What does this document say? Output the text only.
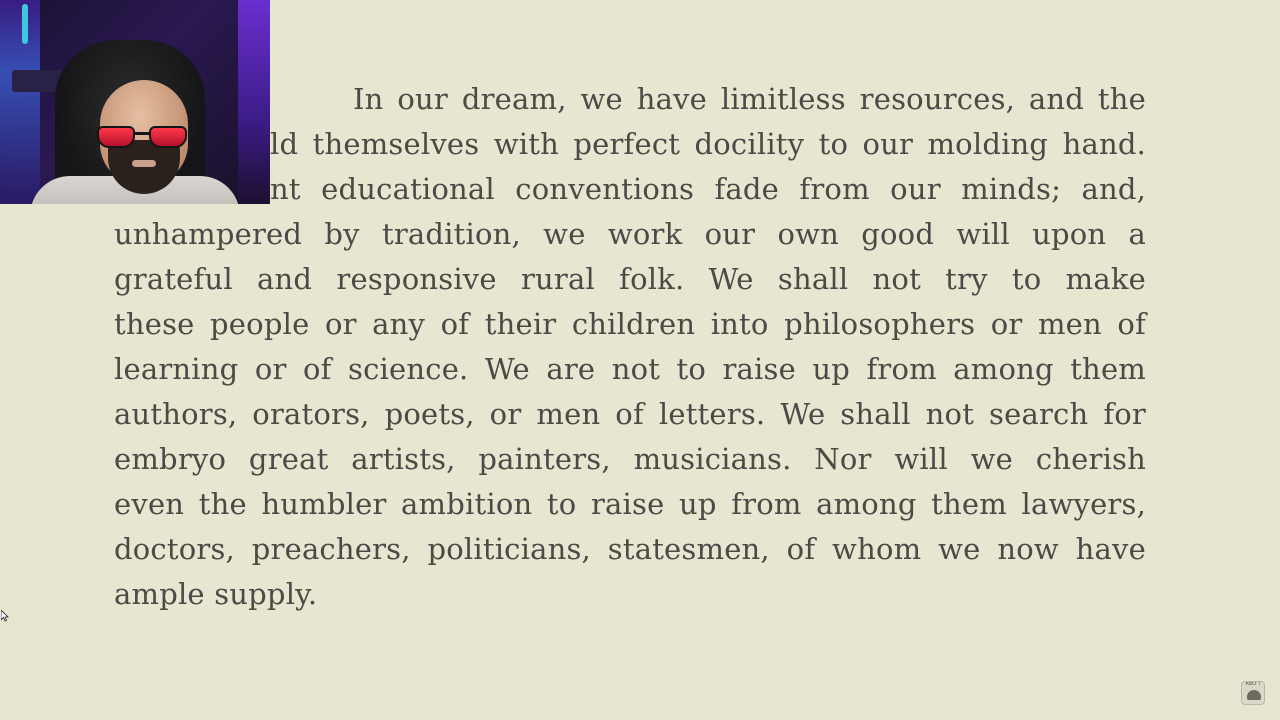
In our dream, we have limitless resources, and the
ld themselves with perfect docility to our molding hand.
nt educational conventions fade from our minds; and,
unhampered by tradition, we work our own good will upon a
grateful and responsive rural folk. We shall not try to make
these people or any of their children into philosophers or men of
learning or of science. We are not to raise up from among them
authors, orators, poets, or men of letters. We shall not search for
embryo great artists, painters, musicians. Nor will we cherish
even the humbler ambition to raise up from among them lawyers,
doctors, preachers, politicians, statesmen, of whom we now have
ample supply.
ABO T
